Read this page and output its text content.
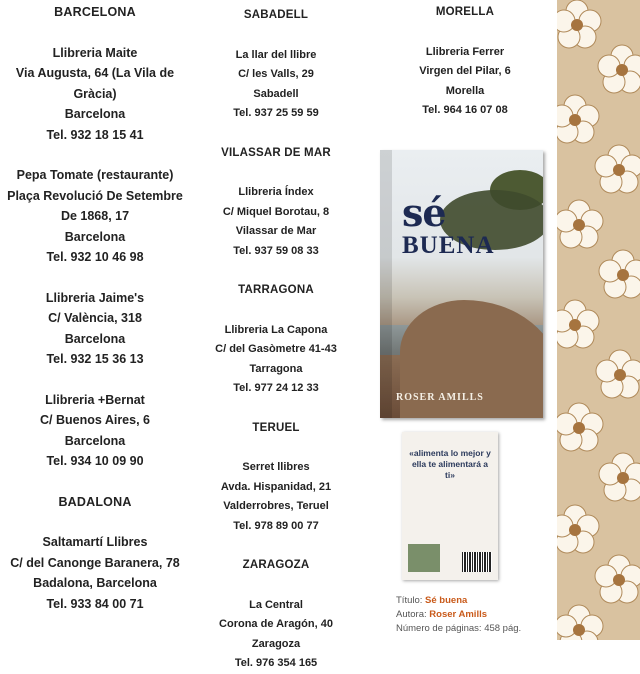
BARCELONA
Llibreria Maite
Via Augusta, 64 (La Vila de
Gràcia)
Barcelona
Tel. 932 18 15 41
Pepa Tomate (restaurante)
Plaça Revolució De Setembre
De 1868, 17
Barcelona
Tel. 932 10 46 98
Llibreria Jaime's
C/ València, 318
Barcelona
Tel. 932 15 36 13
Llibreria +Bernat
C/ Buenos Aires, 6
Barcelona
Tel. 934 10 09 90
BADALONA
Saltamartí Llibres
C/ del Canonge Baranera, 78
Badalona, Barcelona
Tel. 933 84 00 71
SABADELL
La llar del llibre
C/ les Valls, 29
Sabadell
Tel. 937 25 59 59
VILASSAR DE MAR
Llibreria Índex
C/ Miquel Borotau, 8
Vilassar de Mar
Tel. 937 59 08 33
TARRAGONA
Llibreria La Capona
C/ del Gasòmetre 41-43
Tarragona
Tel. 977 24 12 33
TERUEL
Serret llibres
Avda. Hispanidad, 21
Valderrobres, Teruel
Tel. 978 89 00 77
ZARAGOZA
La Central
Corona de Aragón, 40
Zaragoza
Tel. 976 354 165
MORELLA
Llibreria Ferrer
Virgen del Pilar, 6
Morella
Tel. 964 16 07 08
sé
BUENA
ROSER AMILLS
«alimenta lo mejor y ella te alimentará a ti»
Título: Sé buena
Autora: Roser Amills
Número de páginas: 458 pág.
